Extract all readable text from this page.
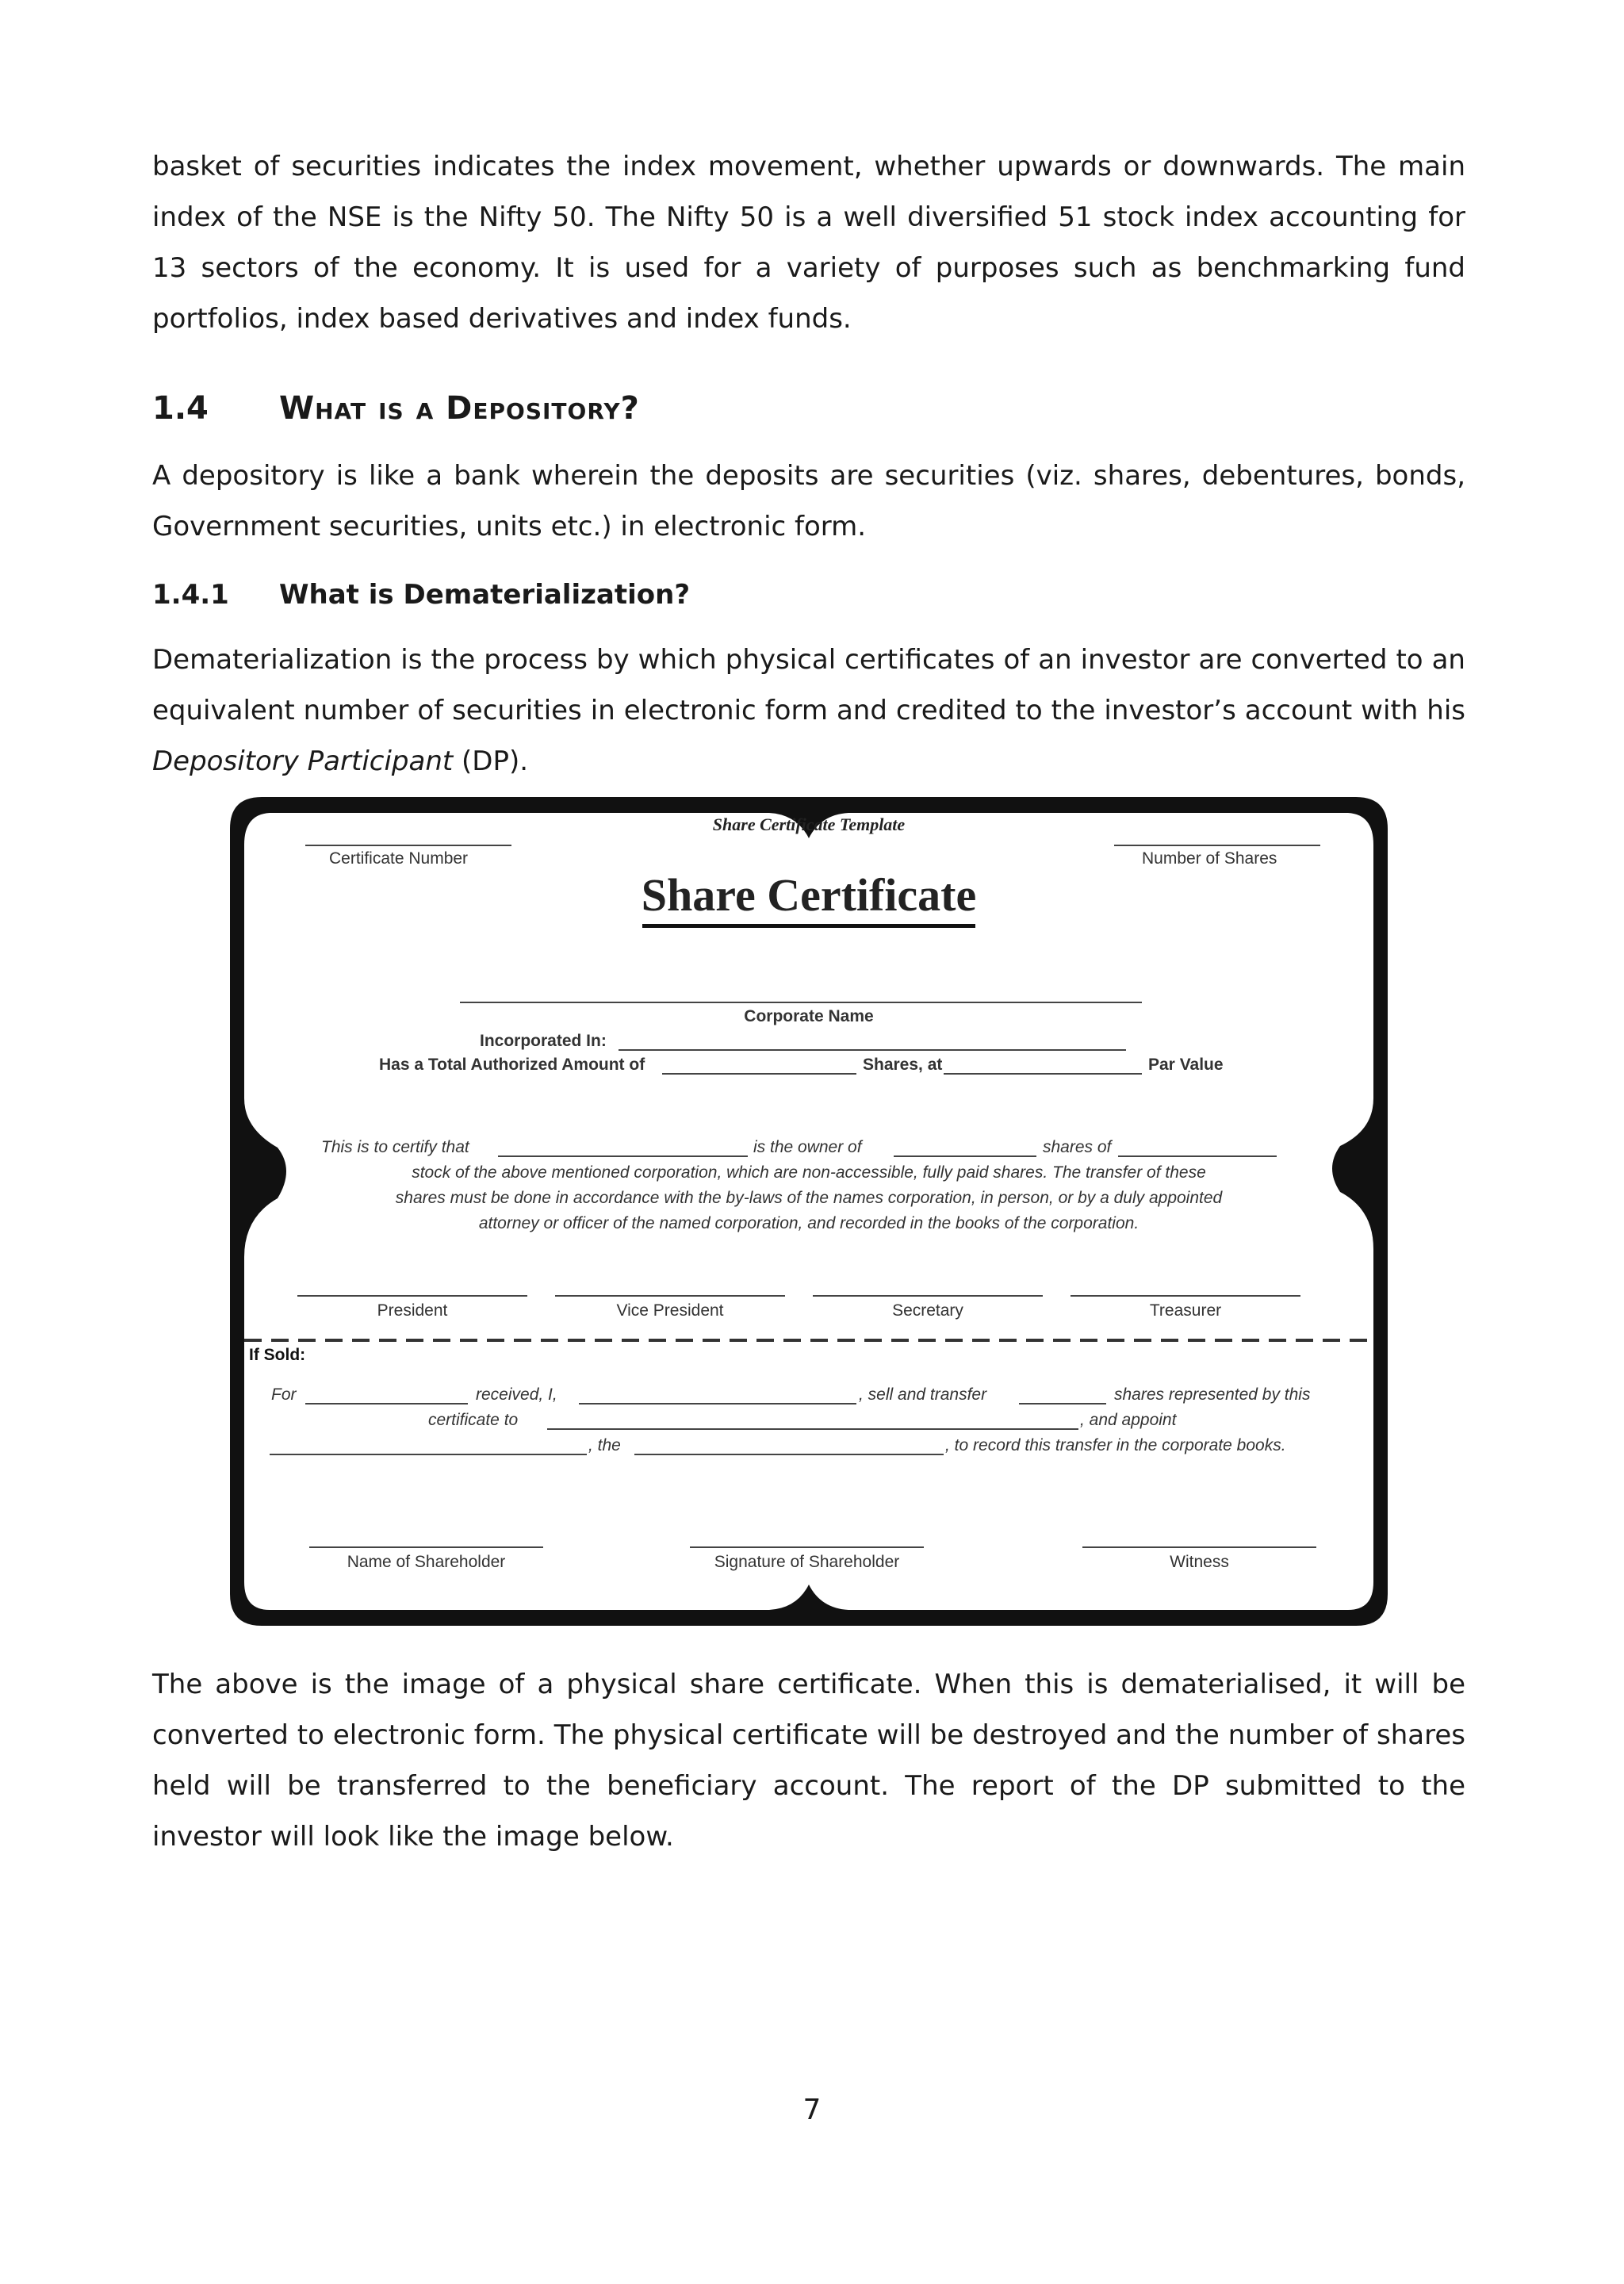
basket of securities indicates the index movement, whether upwards or downwards. The main index of the NSE is the Nifty 50. The Nifty 50 is a well diversified 51 stock index accounting for 13 sectors of the economy. It is used for a variety of purposes such as benchmarking fund portfolios, index based derivatives and index funds.

1.4 What is a Depository?

A depository is like a bank wherein the deposits are securities (viz. shares, debentures, bonds, Government securities, units etc.) in electronic form.

1.4.1 What is Dematerialization?

Dematerialization is the process by which physical certificates of an investor are converted to an equivalent number of securities in electronic form and credited to the investor’s account with his Depository Participant (DP).

Share Certificate Template
Share Certificate
Certificate Number	Number of Shares
Corporate Name
Incorporated In:
Has a Total Authorized Amount of	Shares, at	Par Value
This is to certify that	is the owner of	shares of
stock of the above mentioned corporation, which are non-accessible, fully paid shares. The transfer of these
shares must be done in accordance with the by-laws of the names corporation, in person, or by a duly appointed
attorney or officer of the named corporation, and recorded in the books of the corporation.
President	Vice President	Secretary	Treasurer
If Sold:
For	received, I,	, sell and transfer	shares represented by this
certificate to	, and appoint
, the	, to record this transfer in the corporate books.
Name of Shareholder	Signature of Shareholder	Witness

The above is the image of a physical share certificate. When this is dematerialised, it will be converted to electronic form. The physical certificate will be destroyed and the number of shares held will be transferred to the beneficiary account. The report of the DP submitted to the investor will look like the image below.

7
